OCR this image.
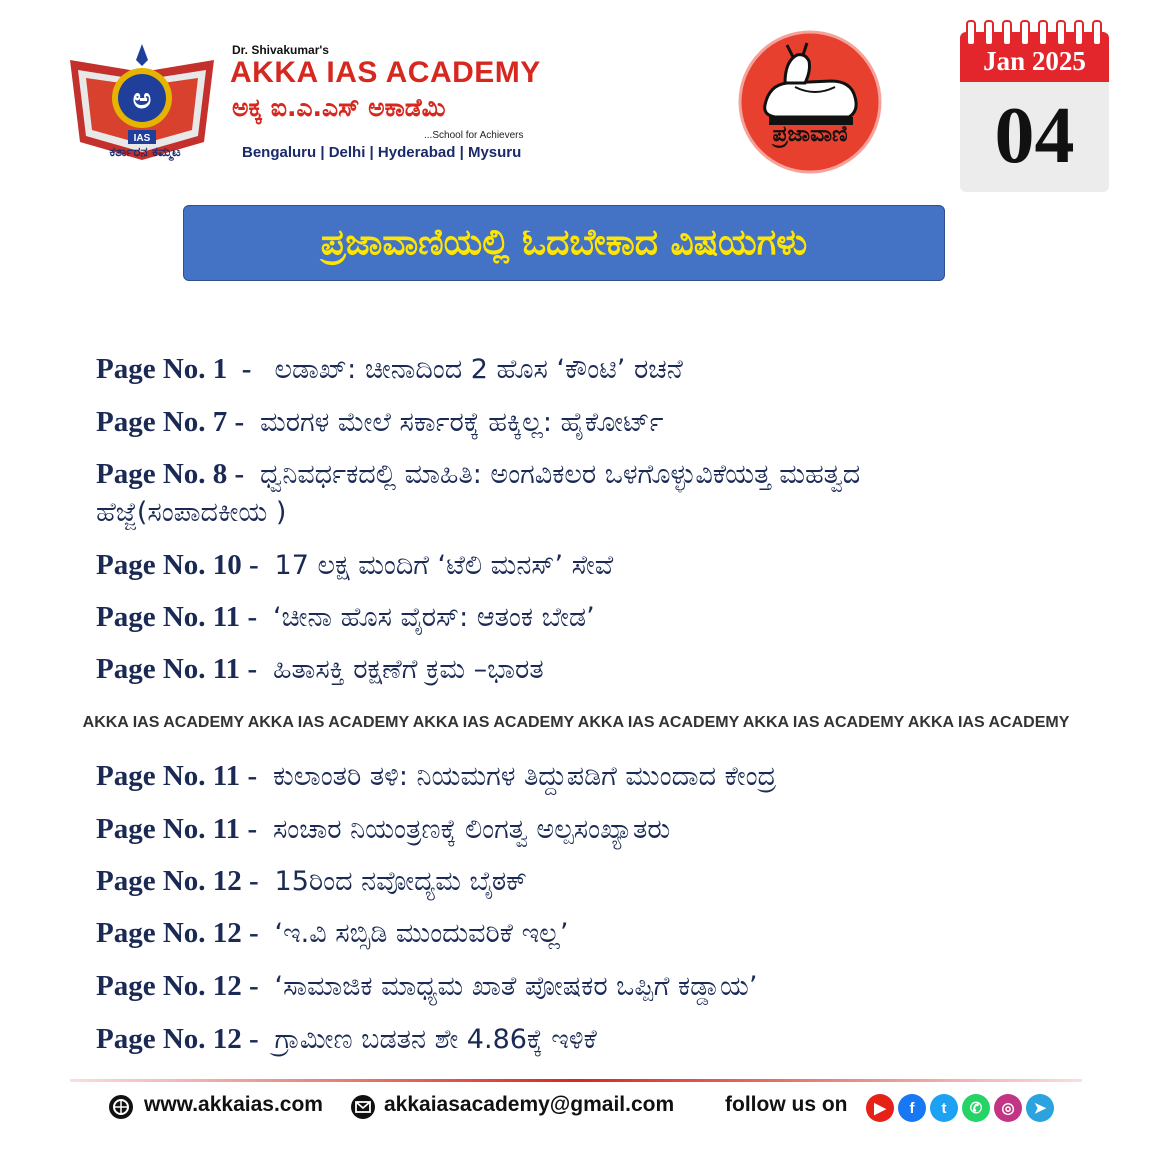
ಅ
IAS
ಕರ್ತಾರನ ಕಮ್ಮಟ
Dr. Shivakumar's
AKKA IAS ACADEMY
ಅಕ್ಕ ಐ.ಎ.ಎಸ್ ಅಕಾಡೆಮಿ
...School for Achievers
Bengaluru | Delhi | Hyderabad | Mysuru
ಪ್ರಜಾವಾಣಿ
Jan 2025
04
ಪ್ರಜಾವಾಣಿಯಲ್ಲಿ ಓದಬೇಕಾದ ವಿಷಯಗಳು
Page No. 1  -   ಲಡಾಖ್: ಚೀನಾದಿಂದ 2 ಹೊಸ ‘ಕೌಂಟಿ’ ರಚನೆ
Page No. 7 -  ಮರಗಳ ಮೇಲೆ ಸರ್ಕಾರಕ್ಕೆ ಹಕ್ಕಿಲ್ಲ: ಹೈಕೋರ್ಟ್
Page No. 8 -  ಧ್ವನಿವರ್ಧಕದಲ್ಲಿ ಮಾಹಿತಿ: ಅಂಗವಿಕಲರ ಒಳಗೊಳ್ಳುವಿಕೆಯತ್ತ ಮಹತ್ವದ
ಹೆಜ್ಜೆ(ಸಂಪಾದಕೀಯ )
Page No. 10 -  17 ಲಕ್ಷ ಮಂದಿಗೆ ‘ಟೆಲಿ ಮನಸ್’ ಸೇವೆ
Page No. 11 -  ‘ಚೀನಾ ಹೊಸ ವೈರಸ್: ಆತಂಕ ಬೇಡ’
Page No. 11 -  ಹಿತಾಸಕ್ತಿ ರಕ್ಷಣೆಗೆ ಕ್ರಮ –ಭಾರತ
AKKA IAS ACADEMY AKKA IAS ACADEMY AKKA IAS ACADEMY AKKA IAS ACADEMY AKKA IAS ACADEMY AKKA IAS ACADEMY
Page No. 11 -  ಕುಲಾಂತರಿ ತಳಿ: ನಿಯಮಗಳ ತಿದ್ದುಪಡಿಗೆ ಮುಂದಾದ ಕೇಂದ್ರ
Page No. 11 -  ಸಂಚಾರ ನಿಯಂತ್ರಣಕ್ಕೆ ಲಿಂಗತ್ವ ಅಲ್ಪಸಂಖ್ಯಾತರು
Page No. 12 -  15ರಿಂದ ನವೋದ್ಯಮ ಬೈಠಕ್
Page No. 12 -  ‘ಇ.ವಿ ಸಬ್ಸಿಡಿ ಮುಂದುವರಿಕೆ ಇಲ್ಲ’
Page No. 12 -  ‘ಸಾಮಾಜಿಕ ಮಾಧ್ಯಮ ಖಾತೆ ಪೋಷಕರ ಒಪ್ಪಿಗೆ ಕಡ್ಡಾಯ’
Page No. 12 -  ಗ್ರಾಮೀಣ ಬಡತನ ಶೇ 4.86ಕ್ಕೆ ಇಳಿಕೆ
www.akkaias.com	akkaiasacademy@gmail.com follow us on ▶ f t ✆ ◎ ➤
